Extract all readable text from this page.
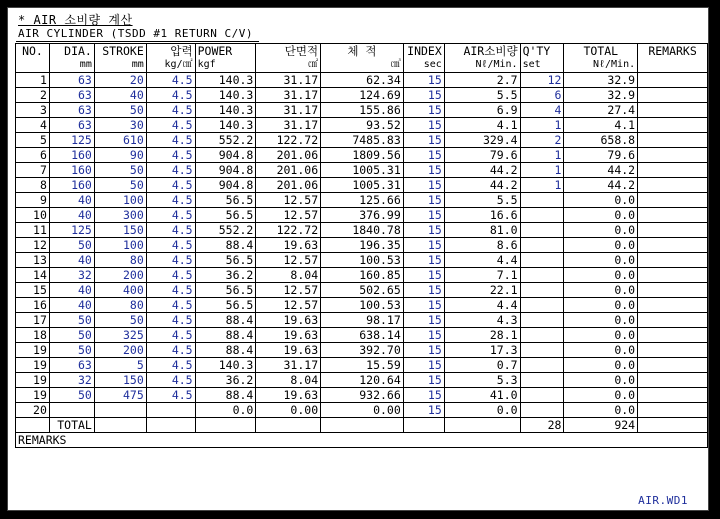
* AIR 소비량 계산
AIR CYLINDER (TSDD #1 RETURN C/V)
NO.	DIA.	STROKE	압력	POWER	단면적	체 적	INDEX	AIR소비량	Q'TY	TOTAL	REMARKS
	mm	mm	kg/㎠	kgf	㎠	㎤	sec	Nℓ/Min.	set	Nℓ/Min.	
1	63	20	4.5	140.3	31.17	62.34	15	2.7	12	32.9	
2	63	40	4.5	140.3	31.17	124.69	15	5.5	6	32.9	
3	63	50	4.5	140.3	31.17	155.86	15	6.9	4	27.4	
4	63	30	4.5	140.3	31.17	93.52	15	4.1	1	4.1	
5	125	610	4.5	552.2	122.72	7485.83	15	329.4	2	658.8	
6	160	90	4.5	904.8	201.06	1809.56	15	79.6	1	79.6	
7	160	50	4.5	904.8	201.06	1005.31	15	44.2	1	44.2	
8	160	50	4.5	904.8	201.06	1005.31	15	44.2	1	44.2	
9	40	100	4.5	56.5	12.57	125.66	15	5.5		0.0	
10	40	300	4.5	56.5	12.57	376.99	15	16.6		0.0	
11	125	150	4.5	552.2	122.72	1840.78	15	81.0		0.0	
12	50	100	4.5	88.4	19.63	196.35	15	8.6		0.0	
13	40	80	4.5	56.5	12.57	100.53	15	4.4		0.0	
14	32	200	4.5	36.2	8.04	160.85	15	7.1		0.0	
15	40	400	4.5	56.5	12.57	502.65	15	22.1		0.0	
16	40	80	4.5	56.5	12.57	100.53	15	4.4		0.0	
17	50	50	4.5	88.4	19.63	98.17	15	4.3		0.0	
18	50	325	4.5	88.4	19.63	638.14	15	28.1		0.0	
19	50	200	4.5	88.4	19.63	392.70	15	17.3		0.0	
19	63	5	4.5	140.3	31.17	15.59	15	0.7		0.0	
19	32	150	4.5	36.2	8.04	120.64	15	5.3		0.0	
19	50	475	4.5	88.4	19.63	932.66	15	41.0		0.0	
20				0.0	0.00	0.00	15	0.0		0.0	
	TOTAL								28	924	
REMARKS											
AIR.WD1
